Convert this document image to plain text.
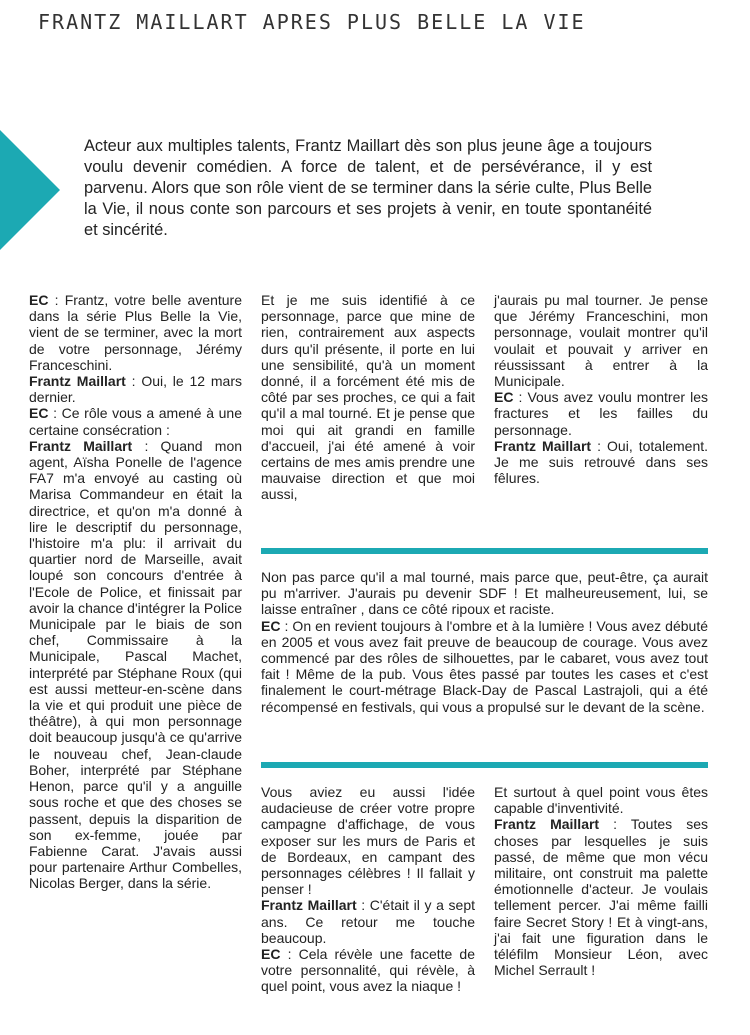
FRANTZ MAILLART APRES PLUS BELLE LA VIE

Acteur aux multiples talents, Frantz Maillart dès son plus jeune âge a toujours voulu devenir comédien. A force de talent, et de persévérance, il y est parvenu. Alors que son rôle vient de se terminer dans la série culte, Plus Belle la Vie, il nous conte son parcours et ses projets à venir, en toute spontanéité et sincérité.

EC : Frantz, votre belle aventure dans la série Plus Belle la Vie, vient de se terminer, avec la mort de votre personnage, Jérémy Franceschini.

Frantz Maillart : Oui, le 12 mars dernier.

EC : Ce rôle vous a amené à une certaine consécration :

Frantz Maillart : Quand mon agent, Aïsha Ponelle de l'agence FA7 m'a envoyé au casting où Marisa Commandeur en était la directrice, et qu'on m'a donné à lire le descriptif du personnage, l'histoire m'a plu: il arrivait du quartier nord de Marseille, avait loupé son concours d'entrée à l'Ecole de Police, et finissait par avoir la chance d'intégrer la Police Municipale par le biais de son chef, Commissaire à la Municipale, Pascal Machet, interprété par Stéphane Roux (qui est aussi metteur-en-scène dans la vie et qui produit une pièce de théâtre), à qui mon personnage doit beaucoup jusqu'à ce qu'arrive le nouveau chef, Jean-claude Boher, interprété par Stéphane Henon, parce qu'il y a anguille sous roche et que des choses se passent, depuis la disparition de son ex-femme, jouée par Fabienne Carat. J'avais aussi pour partenaire Arthur Combelles, Nicolas Berger, dans la série.

Et je me suis identifié à ce personnage, parce que mine de rien, contrairement aux aspects durs qu'il présente, il porte en lui une sensibilité, qu'à un moment donné, il a forcément été mis de côté par ses proches, ce qui a fait qu'il a mal tourné. Et je pense que moi qui ait grandi en famille d'accueil, j'ai été amené à voir certains de mes amis prendre une mauvaise direction et que moi aussi,

j'aurais pu mal tourner. Je pense que Jérémy Franceschini, mon personnage, voulait montrer qu'il voulait et pouvait y arriver en réussissant à entrer à la Municipale.

EC : Vous avez voulu montrer les fractures et les failles du personnage.

Frantz Maillart : Oui, totalement. Je me suis retrouvé dans ses fêlures.

Non pas parce qu'il a mal tourné, mais parce que, peut-être, ça aurait pu m'arriver. J'aurais pu devenir SDF ! Et malheureusement, lui, se laisse entraîner , dans ce côté ripoux et raciste.

EC : On en revient toujours à l'ombre et à la lumière ! Vous avez débuté en 2005 et vous avez fait preuve de beaucoup de courage. Vous avez commencé par des rôles de silhouettes, par le cabaret, vous avez tout fait ! Même de la pub. Vous êtes passé par toutes les cases et c'est finalement le court-métrage Black-Day de Pascal Lastrajoli, qui a été récompensé en festivals, qui vous a propulsé sur le devant de la scène.

Vous aviez eu aussi l'idée audacieuse de créer votre propre campagne d'affichage, de vous exposer sur les murs de Paris et de Bordeaux, en campant des personnages célèbres ! Il fallait y penser !

Frantz Maillart : C'était il y a sept ans. Ce retour me touche beaucoup.

EC : Cela révèle une facette de votre personnalité, qui révèle, à quel point, vous avez la niaque !

Et surtout à quel point vous êtes capable d'inventivité.

Frantz Maillart : Toutes ses choses par lesquelles je suis passé, de même que mon vécu militaire, ont construit ma palette émotionnelle d'acteur. Je voulais tellement percer. J'ai même failli faire Secret Story ! Et à vingt-ans, j'ai fait une figuration dans le téléfilm Monsieur Léon, avec Michel Serrault !
